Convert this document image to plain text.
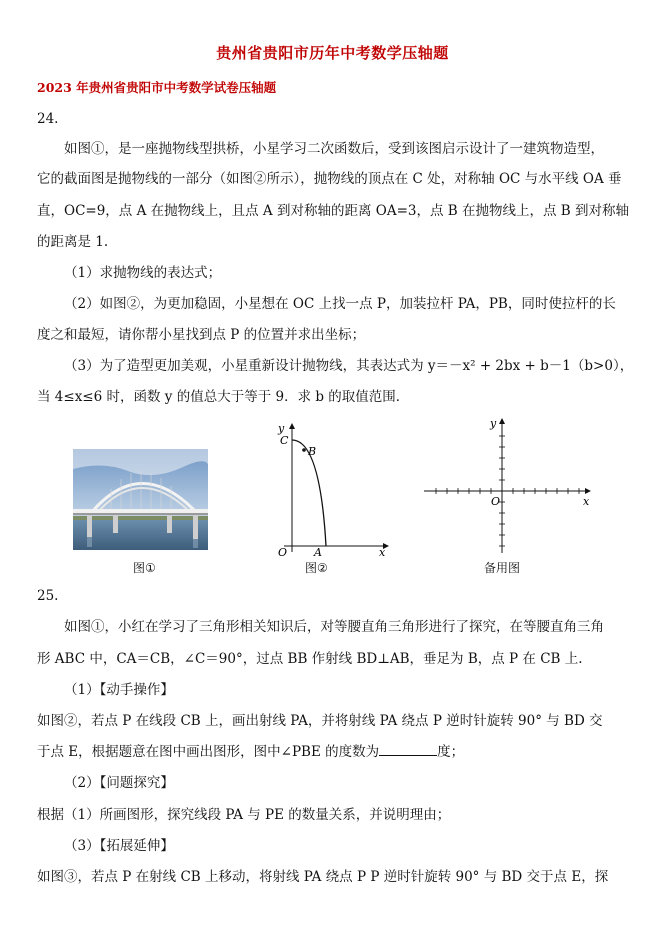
贵州省贵阳市历年中考数学压轴题
2023 年贵州省贵阳市中考数学试卷压轴题
24.
如图①，是一座抛物线型拱桥，小星学习二次函数后，受到该图启示设计了一建筑物造型，
它的截面图是抛物线的一部分（如图②所示），抛物线的顶点在 C 处，对称轴 OC 与水平线 OA 垂
直，OC=9，点 A 在抛物线上，且点 A 到对称轴的距离 OA=3，点 B 在抛物线上，点 B 到对称轴
的距离是 1.
（1）求抛物线的表达式；
（2）如图②，为更加稳固，小星想在 OC 上找一点 P，加装拉杆 PA，PB，同时使拉杆的长
度之和最短，请你帮小星找到点 P 的位置并求出坐标；
（3）为了造型更加美观，小星重新设计抛物线，其表达式为 y＝－x² + 2bx + b－1（b>0），
当 4≤x≤6 时，函数 y 的值总大于等于 9．求 b 的取值范围．
图①
y
C
B
O A	x
图②
y
O	x
备用图
25.
如图①，小红在学习了三角形相关知识后，对等腰直角三角形进行了探究，在等腰直角三角
形 ABC 中，CA＝CB，∠C＝90°，过点 BB 作射线 BD⊥AB，垂足为 B，点 P 在 CB 上.
（1）【动手操作】
如图②，若点 P 在线段 CB 上，画出射线 PA，并将射线 PA 绕点 P 逆时针旋转 90° 与 BD 交
于点 E，根据题意在图中画出图形，图中∠PBE 的度数为	度；
（2）【问题探究】
根据（1）所画图形，探究线段 PA 与 PE 的数量关系，并说明理由；
（3）【拓展延伸】
如图③，若点 P 在射线 CB 上移动，将射线 PA 绕点 P P 逆时针旋转 90° 与 BD 交于点 E，探
